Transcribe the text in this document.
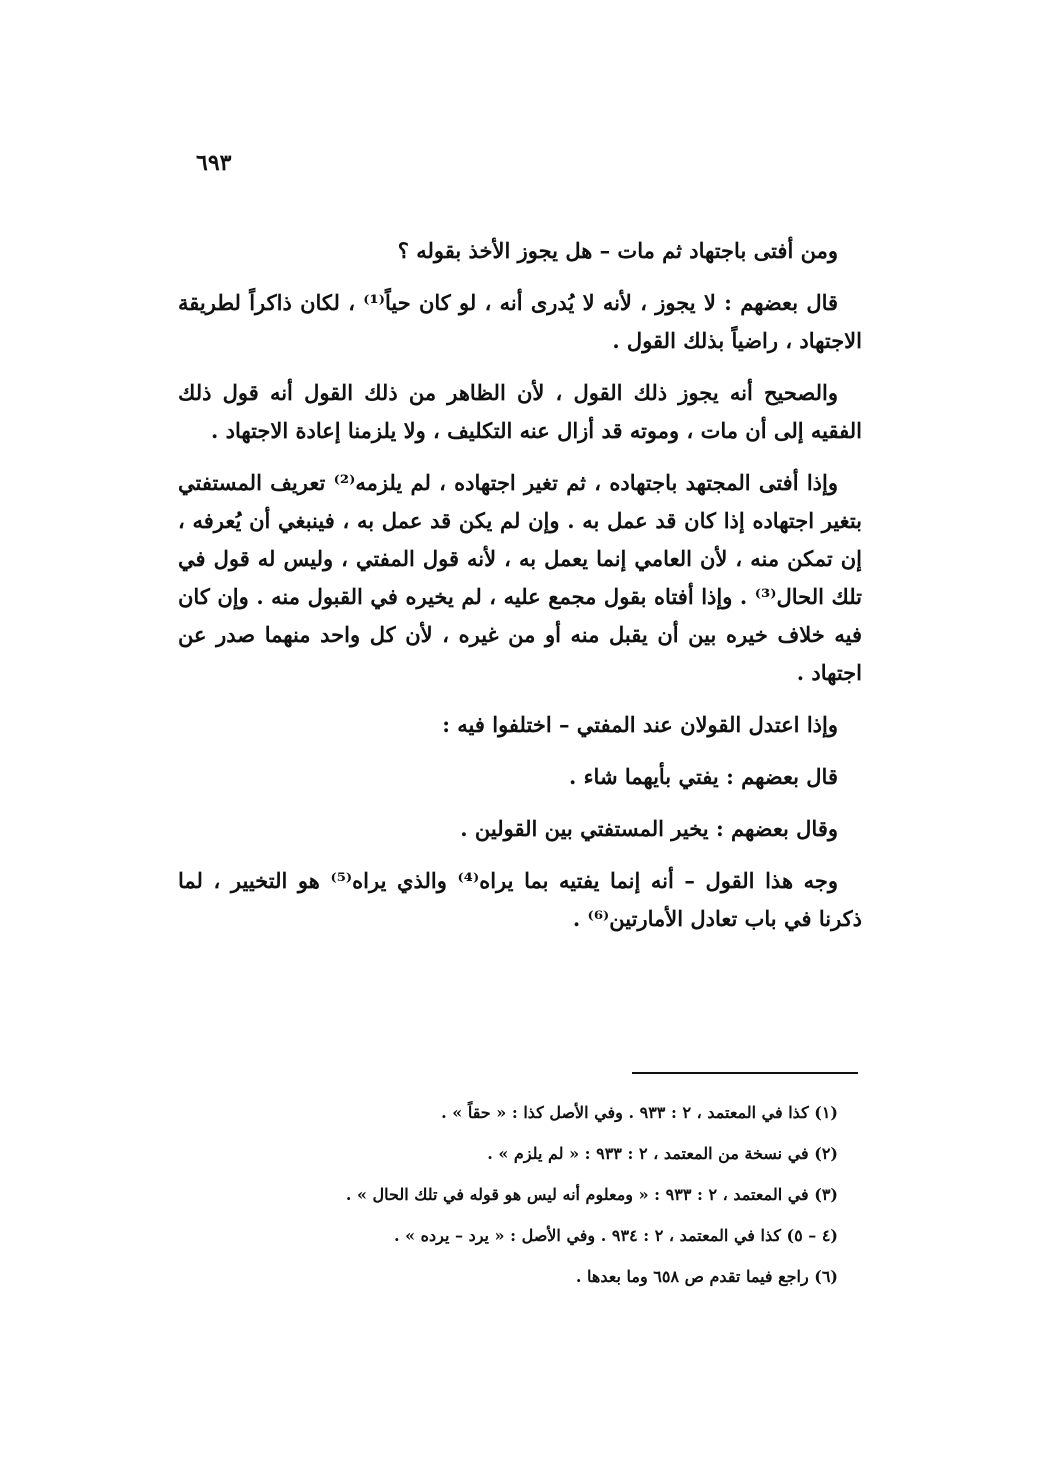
٦٩٣

ومن أفتى باجتهاد ثم مات – هل يجوز الأخذ بقوله ؟

قال بعضهم : لا يجوز ، لأنه لا يُدرى أنه ، لو كان حياً⁽¹⁾ ، لكان ذاكراً لطريقة الاجتهاد ، راضياً بذلك القول .

والصحيح أنه يجوز ذلك القول ، لأن الظاهر من ذلك القول أنه قول ذلك الفقيه إلى أن مات ، وموته قد أزال عنه التكليف ، ولا يلزمنا إعادة الاجتهاد .

وإذا أفتى المجتهد باجتهاده ، ثم تغير اجتهاده ، لم يلزمه⁽²⁾ تعريف المستفتي بتغير اجتهاده إذا كان قد عمل به . وإن لم يكن قد عمل به ، فينبغي أن يُعرفه ، إن تمكن منه ، لأن العامي إنما يعمل به ، لأنه قول المفتي ، وليس له قول في تلك الحال⁽³⁾ . وإذا أفتاه بقول مجمع عليه ، لم يخيره في القبول منه . وإن كان فيه خلاف خيره بين أن يقبل منه أو من غيره ، لأن كل واحد منهما صدر عن اجتهاد .

وإذا اعتدل القولان عند المفتي – اختلفوا فيه :

قال بعضهم : يفتي بأيهما شاء .

وقال بعضهم : يخير المستفتي بين القولين .

وجه هذا القول – أنه إنما يفتيه بما يراه⁽⁴⁾ والذي يراه⁽⁵⁾ هو التخيير ، لما ذكرنا في باب تعادل الأمارتين⁽⁶⁾ .

(١) كذا في المعتمد ، ٢ : ٩٣٣ . وفي الأصل كذا : « حقاً » .

(٢) في نسخة من المعتمد ، ٢ : ٩٣٣ : « لم يلزم » .

(٣) في المعتمد ، ٢ : ٩٣٣ : « ومعلوم أنه ليس هو قوله في تلك الحال » .

(٤ – ٥) كذا في المعتمد ، ٢ : ٩٣٤ . وفي الأصل : « يرد – يرده » .

(٦) راجع فيما تقدم ص ٦٥٨ وما بعدها .
